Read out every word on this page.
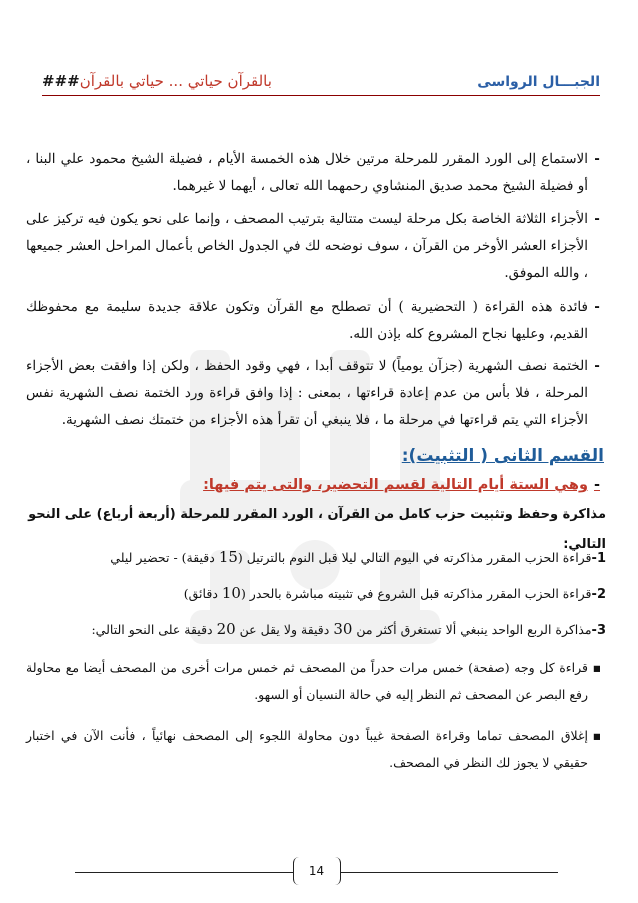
الجبـــال الرواسى
بالقرآن حياتي ... حياتي بالقرآن###
-
الاستماع إلى الورد المقرر للمرحلة مرتين خلال هذه الخمسة الأيام ، فضيلة الشيخ محمود علي البنا ، أو فضيلة الشيخ محمد صديق المنشاوي رحمهما الله تعالى ، أيهما لا غيرهما.
-
الأجزاء الثلاثة الخاصة بكل مرحلة ليست متتالية بترتيب المصحف ، وإنما على نحو يكون فيه تركيز على الأجزاء العشر الأوخر من القرآن ، سوف نوضحه لك في الجدول الخاص بأعمال المراحل العشر جميعها ، والله الموفق.
-
فائدة هذه القراءة ( التحضيرية ) أن تصطلح مع القرآن وتكون علاقة جديدة سليمة مع محفوظك القديم، وعليها نجاح المشروع كله بإذن الله.
-
الختمة نصف الشهرية (جزآن يومياً) لا تتوقف أبدا ، فهي وقود الحفظ ، ولكن إذا وافقت بعض الأجزاء المرحلة ، فلا بأس من عدم إعادة قراءتها ، بمعنى : إذا وافق قراءة ورد الختمة نصف الشهرية نفس الأجزاء التي يتم قراءتها في مرحلة ما ، فلا ينبغي أن تقرأ هذه الأجزاء من ختمتك نصف الشهرية.
القسم الثانى ( التثبيت):
-
وهي الستة أيام التالية لقسم التحضير، والتى يتم فيها:
مذاكرة وحفظ وتثبيت حزب كامل من القرآن ، الورد المقرر للمرحلة (أربعة أرباع) على النحو التالي:
1-قراءة الحزب المقرر مذاكرته في اليوم التالي ليلا قبل النوم بالترتيل (15 دقيقة) - تحضير ليلي
2-قراءة الحزب المقرر مذاكرته قبل الشروع في تثبيته مباشرة بالحدر (10 دقائق)
3-مذاكرة الربع الواحد ينبغي ألا تستغرق أكثر من 30 دقيقة ولا يقل عن 20 دقيقة على النحو التالي:
▪
قراءة كل وجه (صفحة) خمس مرات حدراً من المصحف ثم خمس مرات أخرى من المصحف أيضا مع محاولة رفع البصر عن المصحف ثم النظر إليه في حالة النسيان أو السهو.
▪
إغلاق المصحف تماما وقراءة الصفحة غيباً دون محاولة اللجوء إلى المصحف نهائياً ، فأنت الآن في اختبار حقيقي لا يجوز لك النظر في المصحف.
14
